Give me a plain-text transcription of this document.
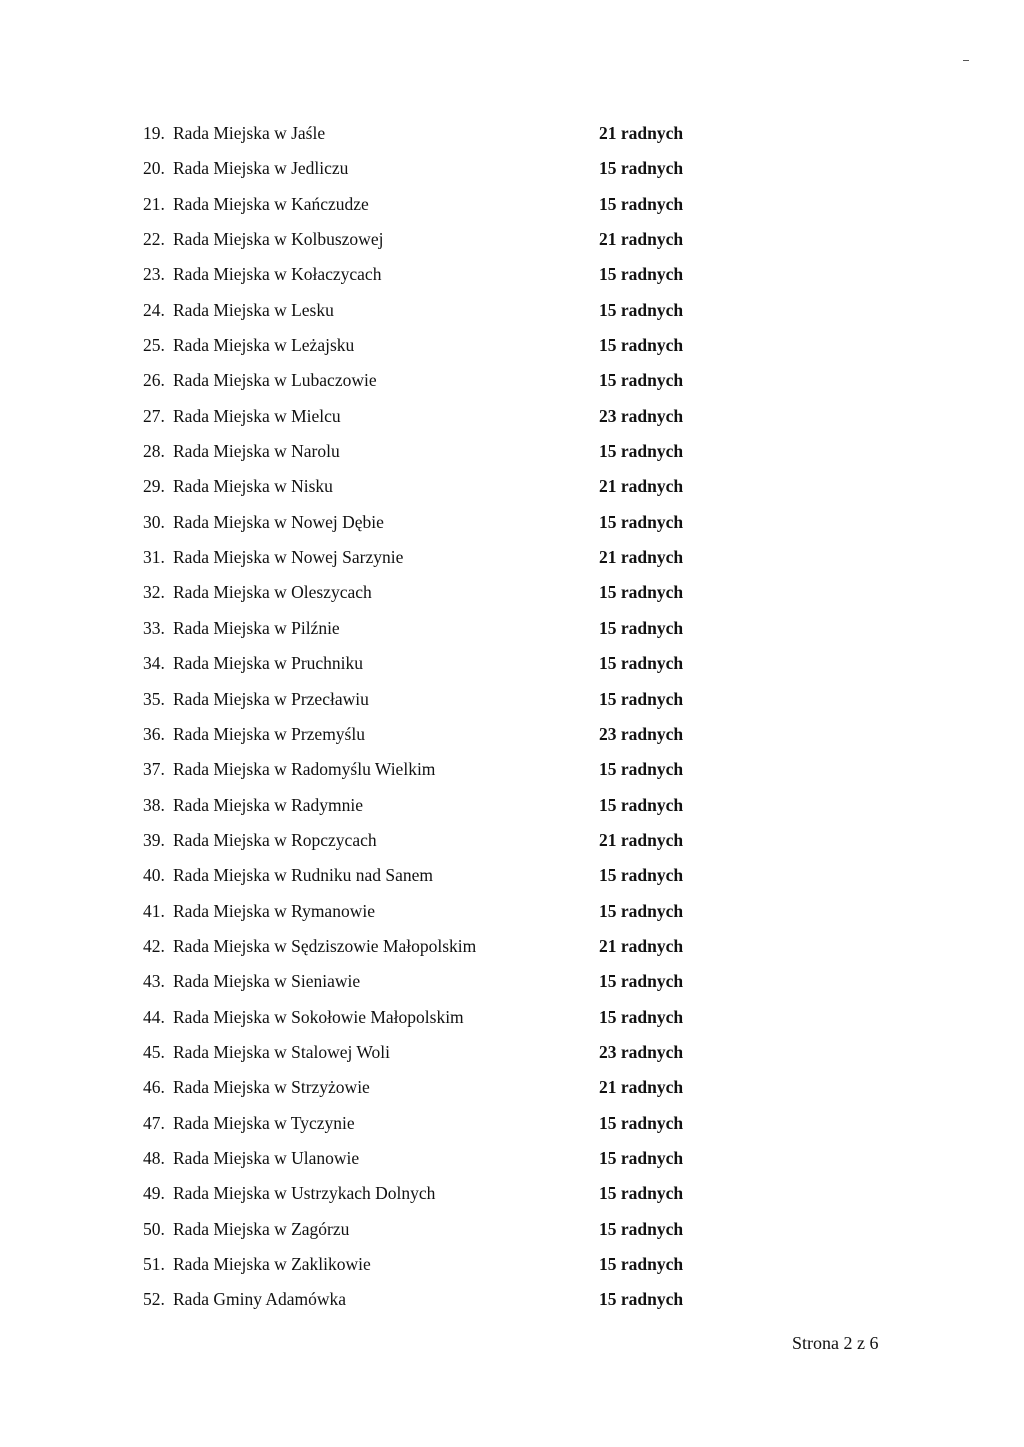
19. Rada Miejska w Jaśle	21 radnych
20. Rada Miejska w Jedliczu	15 radnych
21. Rada Miejska w Kańczudze	15 radnych
22. Rada Miejska w Kolbuszowej	21 radnych
23. Rada Miejska w Kołaczycach	15 radnych
24. Rada Miejska w Lesku	15 radnych
25. Rada Miejska w Leżajsku	15 radnych
26. Rada Miejska w Lubaczowie	15 radnych
27. Rada Miejska w Mielcu	23 radnych
28. Rada Miejska w Narolu	15 radnych
29. Rada Miejska w Nisku	21 radnych
30. Rada Miejska w Nowej Dębie	15 radnych
31. Rada Miejska w Nowej Sarzynie	21 radnych
32. Rada Miejska w Oleszycach	15 radnych
33. Rada Miejska w Pilźnie	15 radnych
34. Rada Miejska w Pruchniku	15 radnych
35. Rada Miejska w Przecławiu	15 radnych
36. Rada Miejska w Przemyślu	23 radnych
37. Rada Miejska w Radomyślu Wielkim	15 radnych
38. Rada Miejska w Radymnie	15 radnych
39. Rada Miejska w Ropczycach	21 radnych
40. Rada Miejska w Rudniku nad Sanem	15 radnych
41. Rada Miejska w Rymanowie	15 radnych
42. Rada Miejska w Sędziszowie Małopolskim	21 radnych
43. Rada Miejska w Sieniawie	15 radnych
44. Rada Miejska w Sokołowie Małopolskim	15 radnych
45. Rada Miejska w Stalowej Woli	23 radnych
46. Rada Miejska w Strzyżowie	21 radnych
47. Rada Miejska w Tyczynie	15 radnych
48. Rada Miejska w Ulanowie	15 radnych
49. Rada Miejska w Ustrzykach Dolnych	15 radnych
50. Rada Miejska w Zagórzu	15 radnych
51. Rada Miejska w Zaklikowie	15 radnych
52. Rada Gminy Adamówka	15 radnych
Strona 2 z 6
